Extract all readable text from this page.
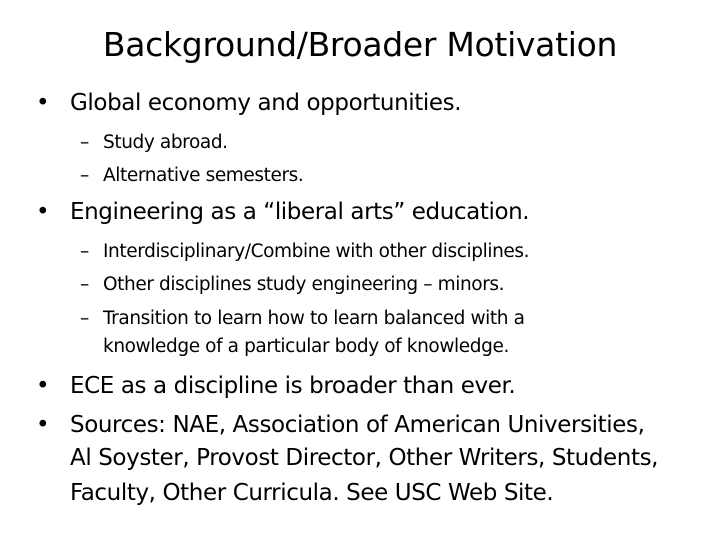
Background/Broader Motivation
• Global economy and opportunities.
– Study abroad.
– Alternative semesters.
• Engineering as a “liberal arts” education.
– Interdisciplinary/Combine with other disciplines.
– Other disciplines study engineering – minors.
– Transition to learn how to learn balanced with a
knowledge of a particular body of knowledge.
• ECE as a discipline is broader than ever.
• Sources: NAE, Association of American Universities,
Al Soyster, Provost Director, Other Writers, Students,
Faculty, Other Curricula. See USC Web Site.
